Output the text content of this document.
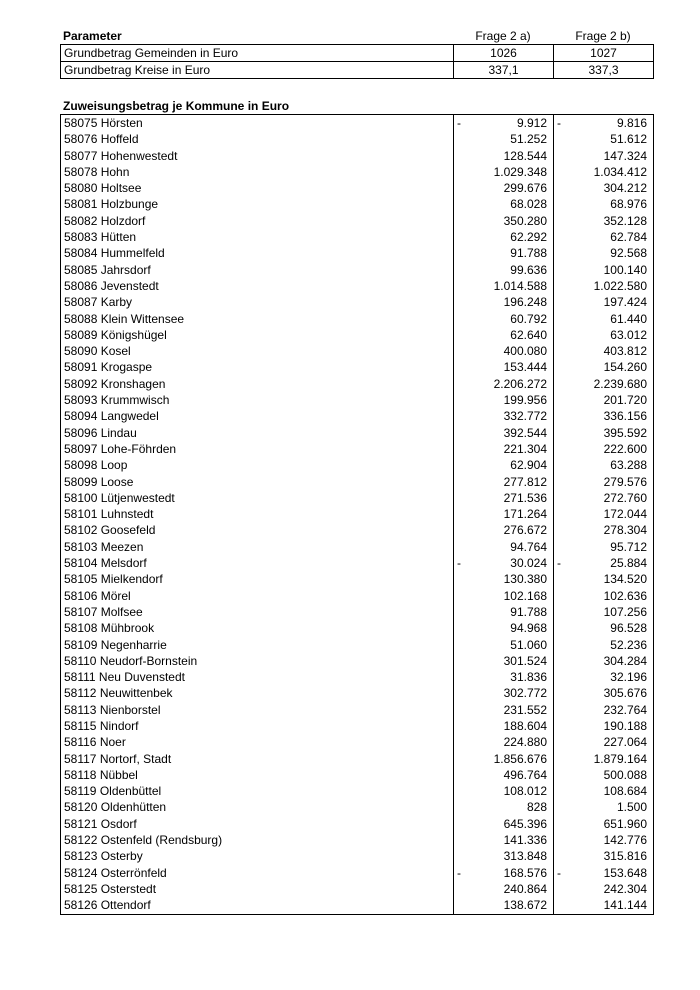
Parameter	Frage 2 a)	Frage 2 b)
Grundbetrag Gemeinden in Euro	1026	1027
Grundbetrag Kreise in Euro	337,1	337,3
Zuweisungsbetrag je Kommune in Euro
58075 Hörsten	- 9.912	- 9.816
58076 Hoffeld	51.252	51.612
58077 Hohenwestedt	128.544	147.324
58078 Hohn	1.029.348	1.034.412
58080 Holtsee	299.676	304.212
58081 Holzbunge	68.028	68.976
58082 Holzdorf	350.280	352.128
58083 Hütten	62.292	62.784
58084 Hummelfeld	91.788	92.568
58085 Jahrsdorf	99.636	100.140
58086 Jevenstedt	1.014.588	1.022.580
58087 Karby	196.248	197.424
58088 Klein Wittensee	60.792	61.440
58089 Königshügel	62.640	63.012
58090 Kosel	400.080	403.812
58091 Krogaspe	153.444	154.260
58092 Kronshagen	2.206.272	2.239.680
58093 Krummwisch	199.956	201.720
58094 Langwedel	332.772	336.156
58096 Lindau	392.544	395.592
58097 Lohe-Föhrden	221.304	222.600
58098 Loop	62.904	63.288
58099 Loose	277.812	279.576
58100 Lütjenwestedt	271.536	272.760
58101 Luhnstedt	171.264	172.044
58102 Goosefeld	276.672	278.304
58103 Meezen	94.764	95.712
58104 Melsdorf	- 30.024	- 25.884
58105 Mielkendorf	130.380	134.520
58106 Mörel	102.168	102.636
58107 Molfsee	91.788	107.256
58108 Mühbrook	94.968	96.528
58109 Negenharrie	51.060	52.236
58110 Neudorf-Bornstein	301.524	304.284
58111 Neu Duvenstedt	31.836	32.196
58112 Neuwittenbek	302.772	305.676
58113 Nienborstel	231.552	232.764
58115 Nindorf	188.604	190.188
58116 Noer	224.880	227.064
58117 Nortorf, Stadt	1.856.676	1.879.164
58118 Nübbel	496.764	500.088
58119 Oldenbüttel	108.012	108.684
58120 Oldenhütten	828	1.500
58121 Osdorf	645.396	651.960
58122 Ostenfeld (Rendsburg)	141.336	142.776
58123 Osterby	313.848	315.816
58124 Osterrönfeld	- 168.576	- 153.648
58125 Osterstedt	240.864	242.304
58126 Ottendorf	138.672	141.144
